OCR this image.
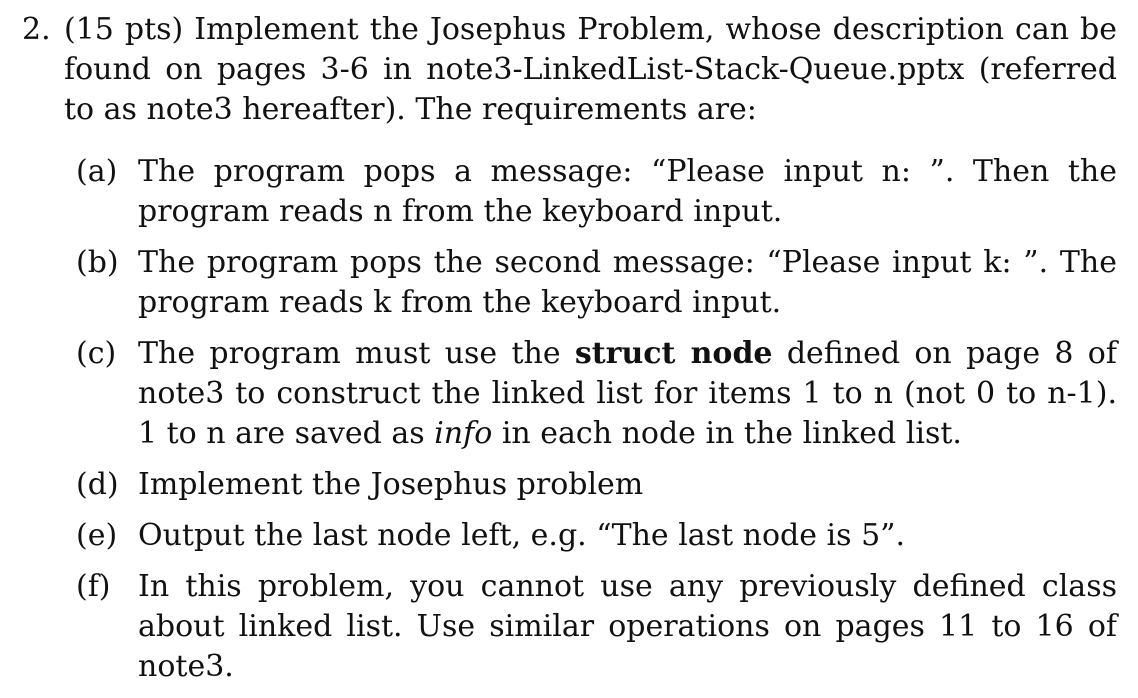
2. (15 pts) Implement the Josephus Problem, whose description can be found on pages 3-6 in note3-LinkedList-Stack-Queue.pptx (referred to as note3 hereafter). The requirements are:
(a) The program pops a message: “Please input n: ”. Then the program reads n from the keyboard input.
(b) The program pops the second message: “Please input k: ”. The program reads k from the keyboard input.
(c) The program must use the struct node defined on page 8 of note3 to construct the linked list for items 1 to n (not 0 to n-1). 1 to n are saved as info in each node in the linked list.
(d) Implement the Josephus problem
(e) Output the last node left, e.g. “The last node is 5”.
(f) In this problem, you cannot use any previously defined class about linked list. Use similar operations on pages 11 to 16 of note3.
